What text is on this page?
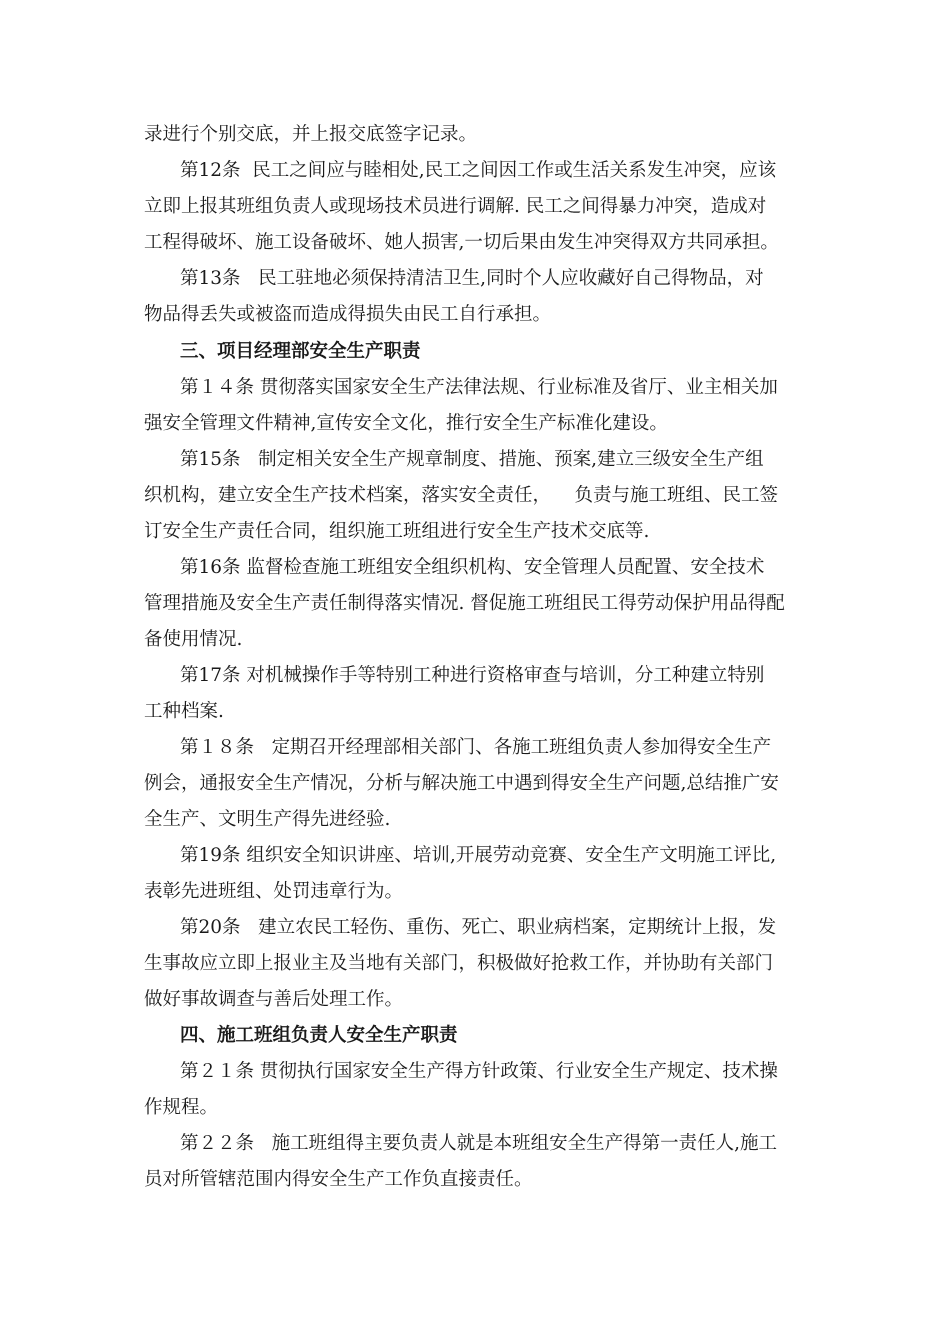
录进行个别交底，并上报交底签字记录。
第12条  民工之间应与睦相处,民工之间因工作或生活关系发生冲突，应该
立即上报其班组负责人或现场技术员进行调解. 民工之间得暴力冲突，造成对
工程得破坏、施工设备破坏、她人损害,一切后果由发生冲突得双方共同承担。
第13条   民工驻地必须保持清洁卫生,同时个人应收藏好自己得物品，对
物品得丢失或被盗而造成得损失由民工自行承担。
三、项目经理部安全生产职责
第１４条 贯彻落实国家安全生产法律法规、行业标准及省厅、业主相关加
强安全管理文件精神,宣传安全文化，推行安全生产标准化建设。
第15条   制定相关安全生产规章制度、措施、预案,建立三级安全生产组
织机构，建立安全生产技术档案，落实安全责任，    负责与施工班组、民工签
订安全生产责任合同，组织施工班组进行安全生产技术交底等.
第16条 监督检查施工班组安全组织机构、安全管理人员配置、安全技术
管理措施及安全生产责任制得落实情况. 督促施工班组民工得劳动保护用品得配
备使用情况.
第17条 对机械操作手等特别工种进行资格审查与培训，分工种建立特别
工种档案.
第１８条   定期召开经理部相关部门、各施工班组负责人参加得安全生产
例会，通报安全生产情况，分析与解决施工中遇到得安全生产问题,总结推广安
全生产、文明生产得先进经验.
第19条 组织安全知识讲座、培训,开展劳动竞赛、安全生产文明施工评比,
表彰先进班组、处罚违章行为。
第20条   建立农民工轻伤、重伤、死亡、职业病档案，定期统计上报，发
生事故应立即上报业主及当地有关部门，积极做好抢救工作，并协助有关部门
做好事故调查与善后处理工作。
四、施工班组负责人安全生产职责
第２１条 贯彻执行国家安全生产得方针政策、行业安全生产规定、技术操
作规程。
第２２条   施工班组得主要负责人就是本班组安全生产得第一责任人,施工
员对所管辖范围内得安全生产工作负直接责任。
